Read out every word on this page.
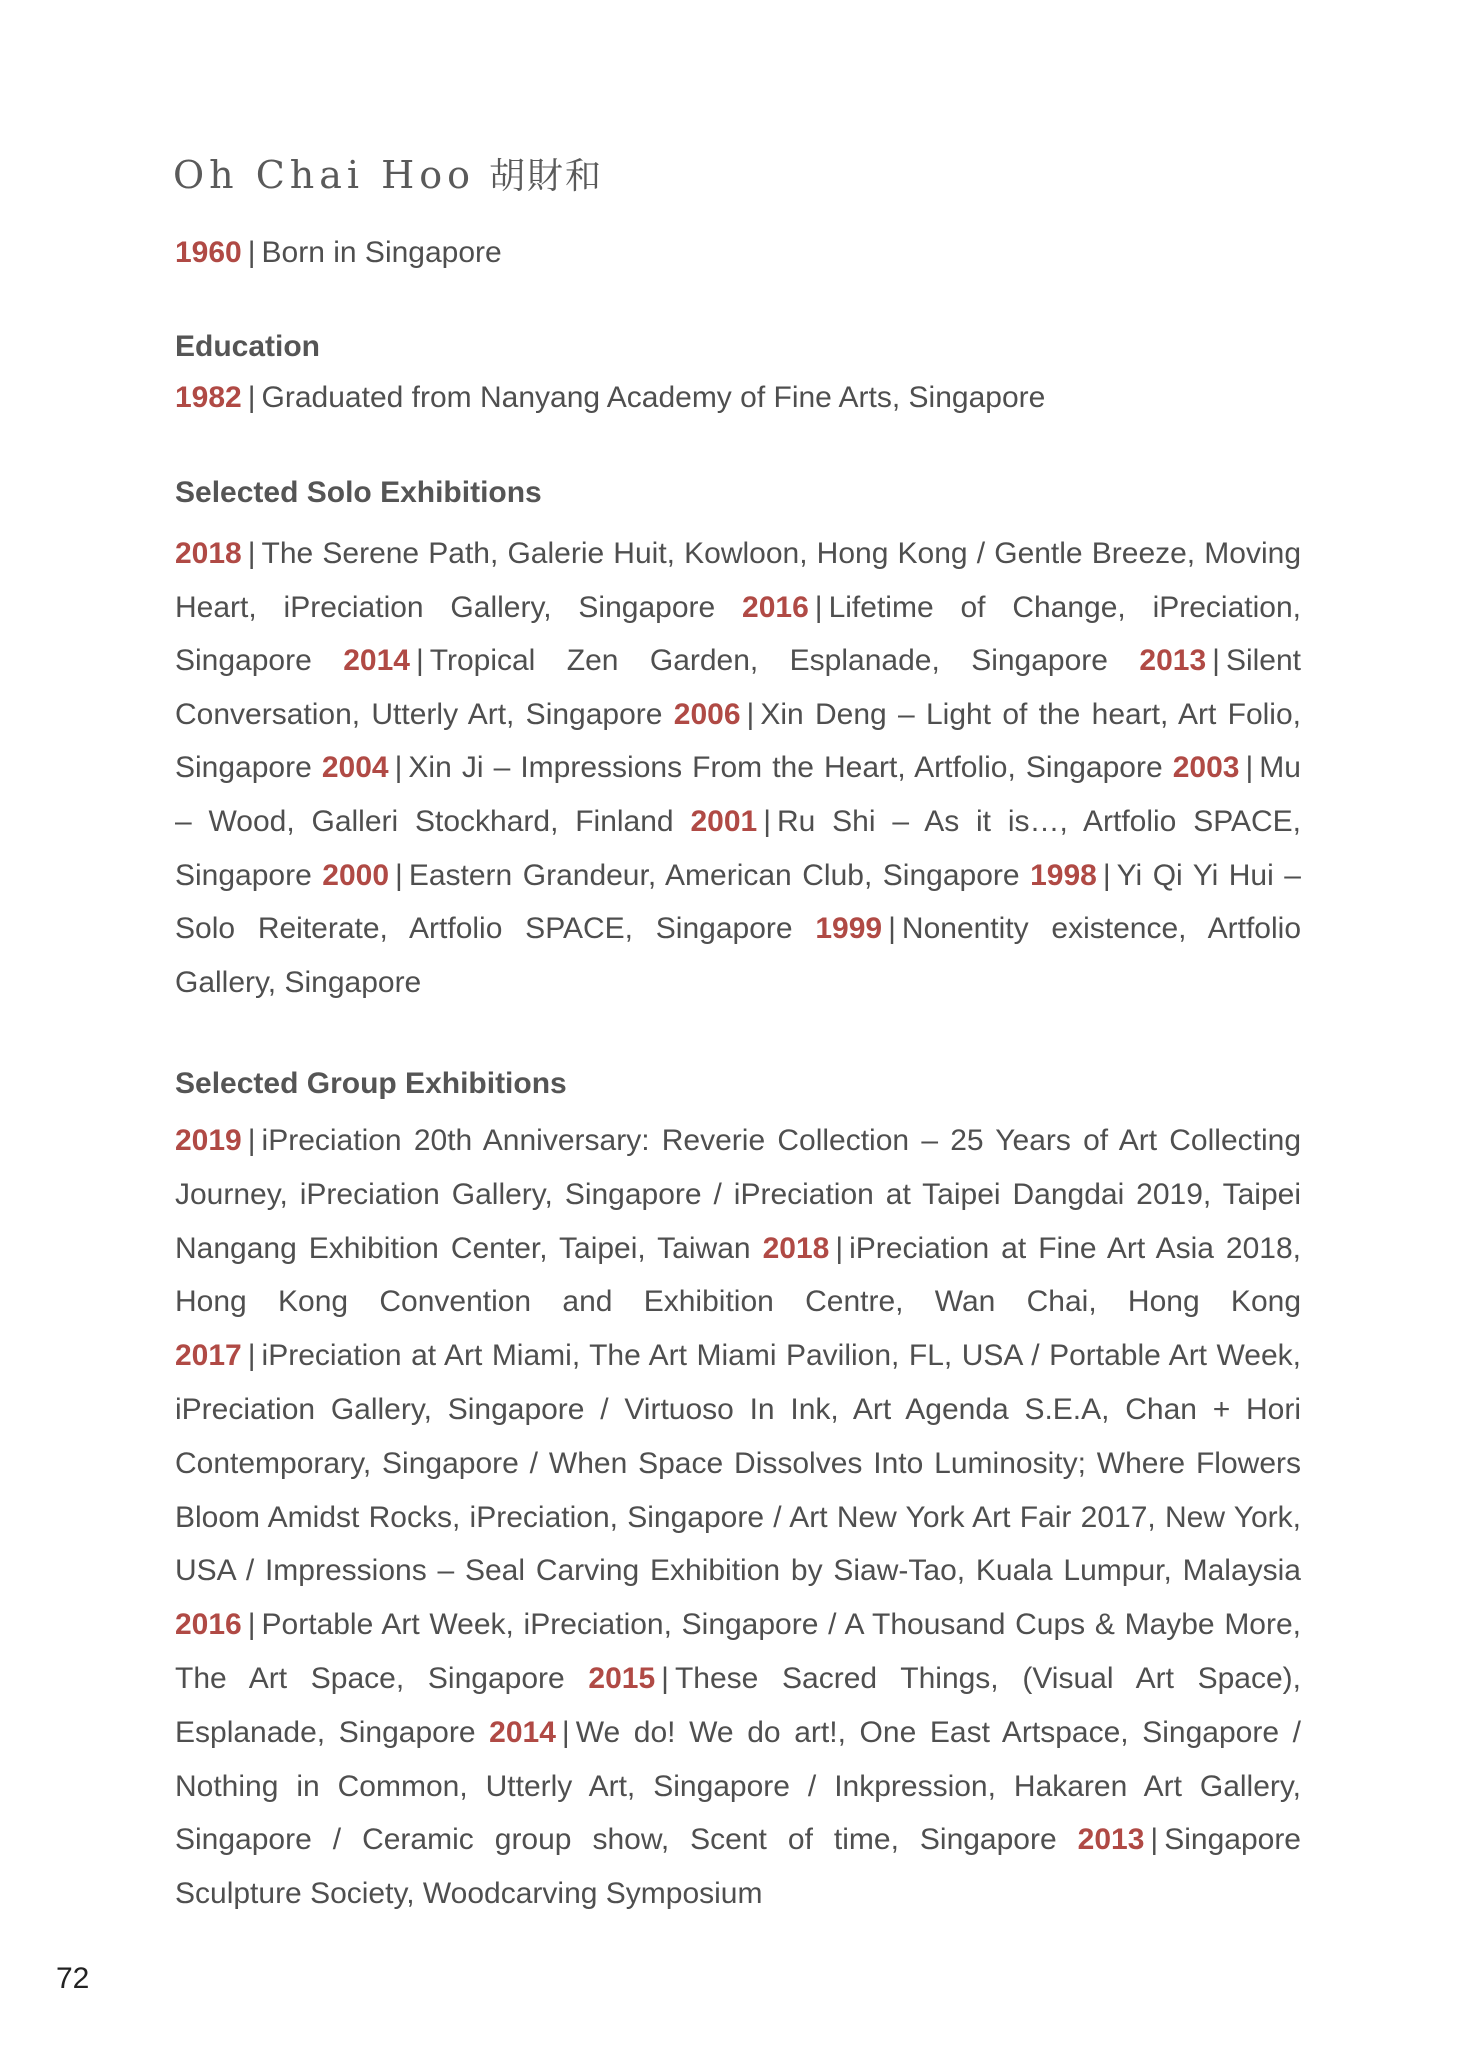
Oh Chai Hoo 胡財和
1960 | Born in Singapore
Education
1982 | Graduated from Nanyang Academy of Fine Arts, Singapore
Selected Solo Exhibitions
2018 | The Serene Path, Galerie Huit, Kowloon, Hong Kong / Gentle Breeze, Moving Heart, iPreciation Gallery, Singapore 2016 | Lifetime of Change, iPreciation, Singapore 2014 | Tropical Zen Garden, Esplanade, Singapore 2013 | Silent Conversation, Utterly Art, Singapore 2006 | Xin Deng – Light of the heart, Art Folio, Singapore 2004 | Xin Ji – Impressions From the Heart, Artfolio, Singapore 2003 | Mu – Wood, Galleri Stockhard, Finland 2001 | Ru Shi – As it is…, Artfolio SPACE, Singapore 2000 | Eastern Grandeur, American Club, Singapore 1998 | Yi Qi Yi Hui – Solo Reiterate, Artfolio SPACE, Singapore 1999 | Nonentity existence, Artfolio Gallery, Singapore
Selected Group Exhibitions
2019 | iPreciation 20th Anniversary: Reverie Collection – 25 Years of Art Collecting Journey, iPreciation Gallery, Singapore / iPreciation at Taipei Dangdai 2019, Taipei Nangang Exhibition Center, Taipei, Taiwan 2018 | iPreciation at Fine Art Asia 2018, Hong Kong Convention and Exhibition Centre, Wan Chai, Hong Kong 2017 | iPreciation at Art Miami, The Art Miami Pavilion, FL, USA / Portable Art Week, iPreciation Gallery, Singapore / Virtuoso In Ink, Art Agenda S.E.A, Chan + Hori Contemporary, Singapore / When Space Dissolves Into Luminosity; Where Flowers Bloom Amidst Rocks, iPreciation, Singapore / Art New York Art Fair 2017, New York, USA / Impressions – Seal Carving Exhibition by Siaw-Tao, Kuala Lumpur, Malaysia 2016 | Portable Art Week, iPreciation, Singapore / A Thousand Cups & Maybe More, The Art Space, Singapore 2015 | These Sacred Things, (Visual Art Space), Esplanade, Singapore 2014 | We do! We do art!, One East Artspace, Singapore / Nothing in Common, Utterly Art, Singapore / Inkpression, Hakaren Art Gallery, Singapore / Ceramic group show, Scent of time, Singapore 2013 | Singapore Sculpture Society, Woodcarving Symposium
72
